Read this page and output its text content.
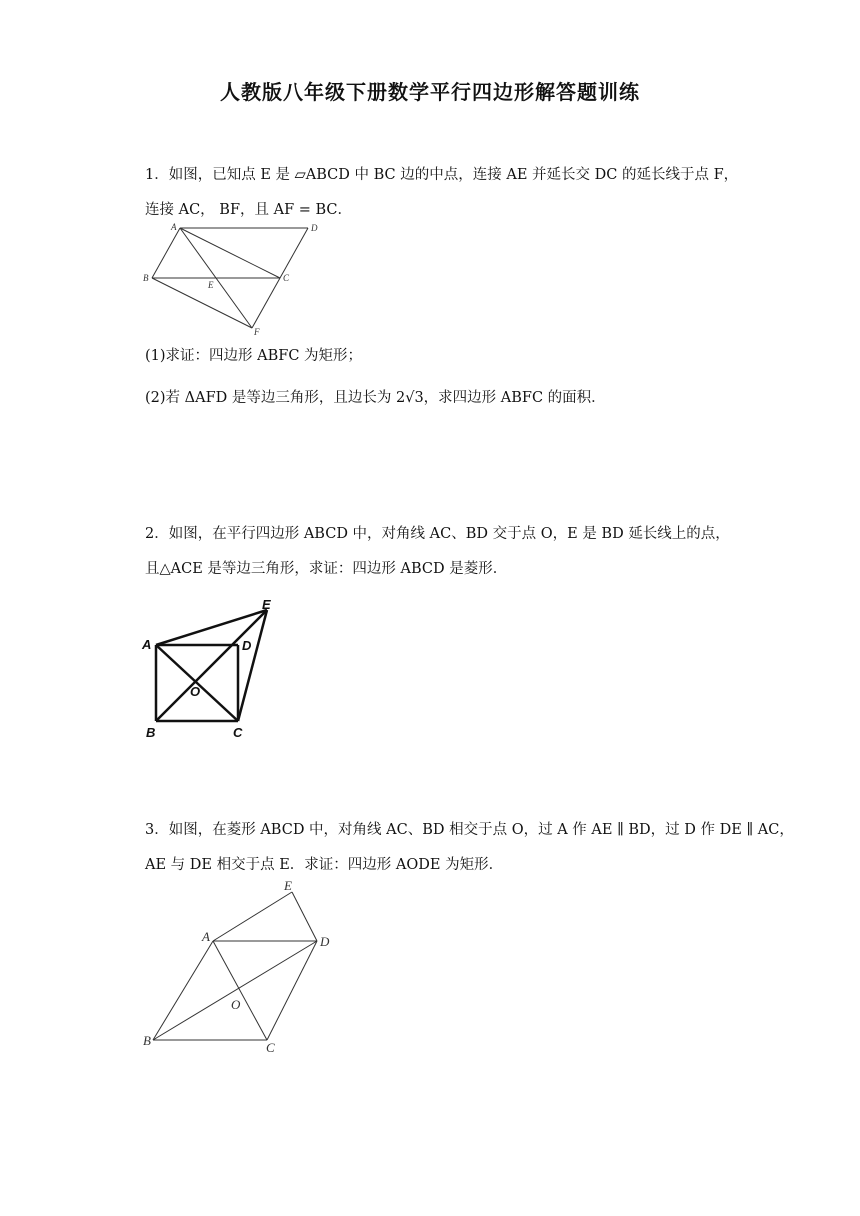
人教版八年级下册数学平行四边形解答题训练
1．如图，已知点 E 是 ▱ABCD 中 BC 边的中点，连接 AE 并延长交 DC 的延长线于点 F，
连接 AC， BF，且 AF = BC．
A	D
B	C
E
F
(1)求证：四边形 ABFC 为矩形；
(2)若 ΔAFD 是等边三角形，且边长为 2√3，求四边形 ABFC 的面积．
2．如图，在平行四边形 ABCD 中，对角线 AC、BD 交于点 O，E 是 BD 延长线上的点，
且△ACE 是等边三角形，求证：四边形 ABCD 是菱形．
A	D
E
O
B	C
3．如图，在菱形 ABCD 中，对角线 AC、BD 相交于点 O，过 A 作 AE ∥ BD，过 D 作 DE ∥ AC，
AE 与 DE 相交于点 E．求证：四边形 AODE 为矩形．
A
E
D
O
B	C
